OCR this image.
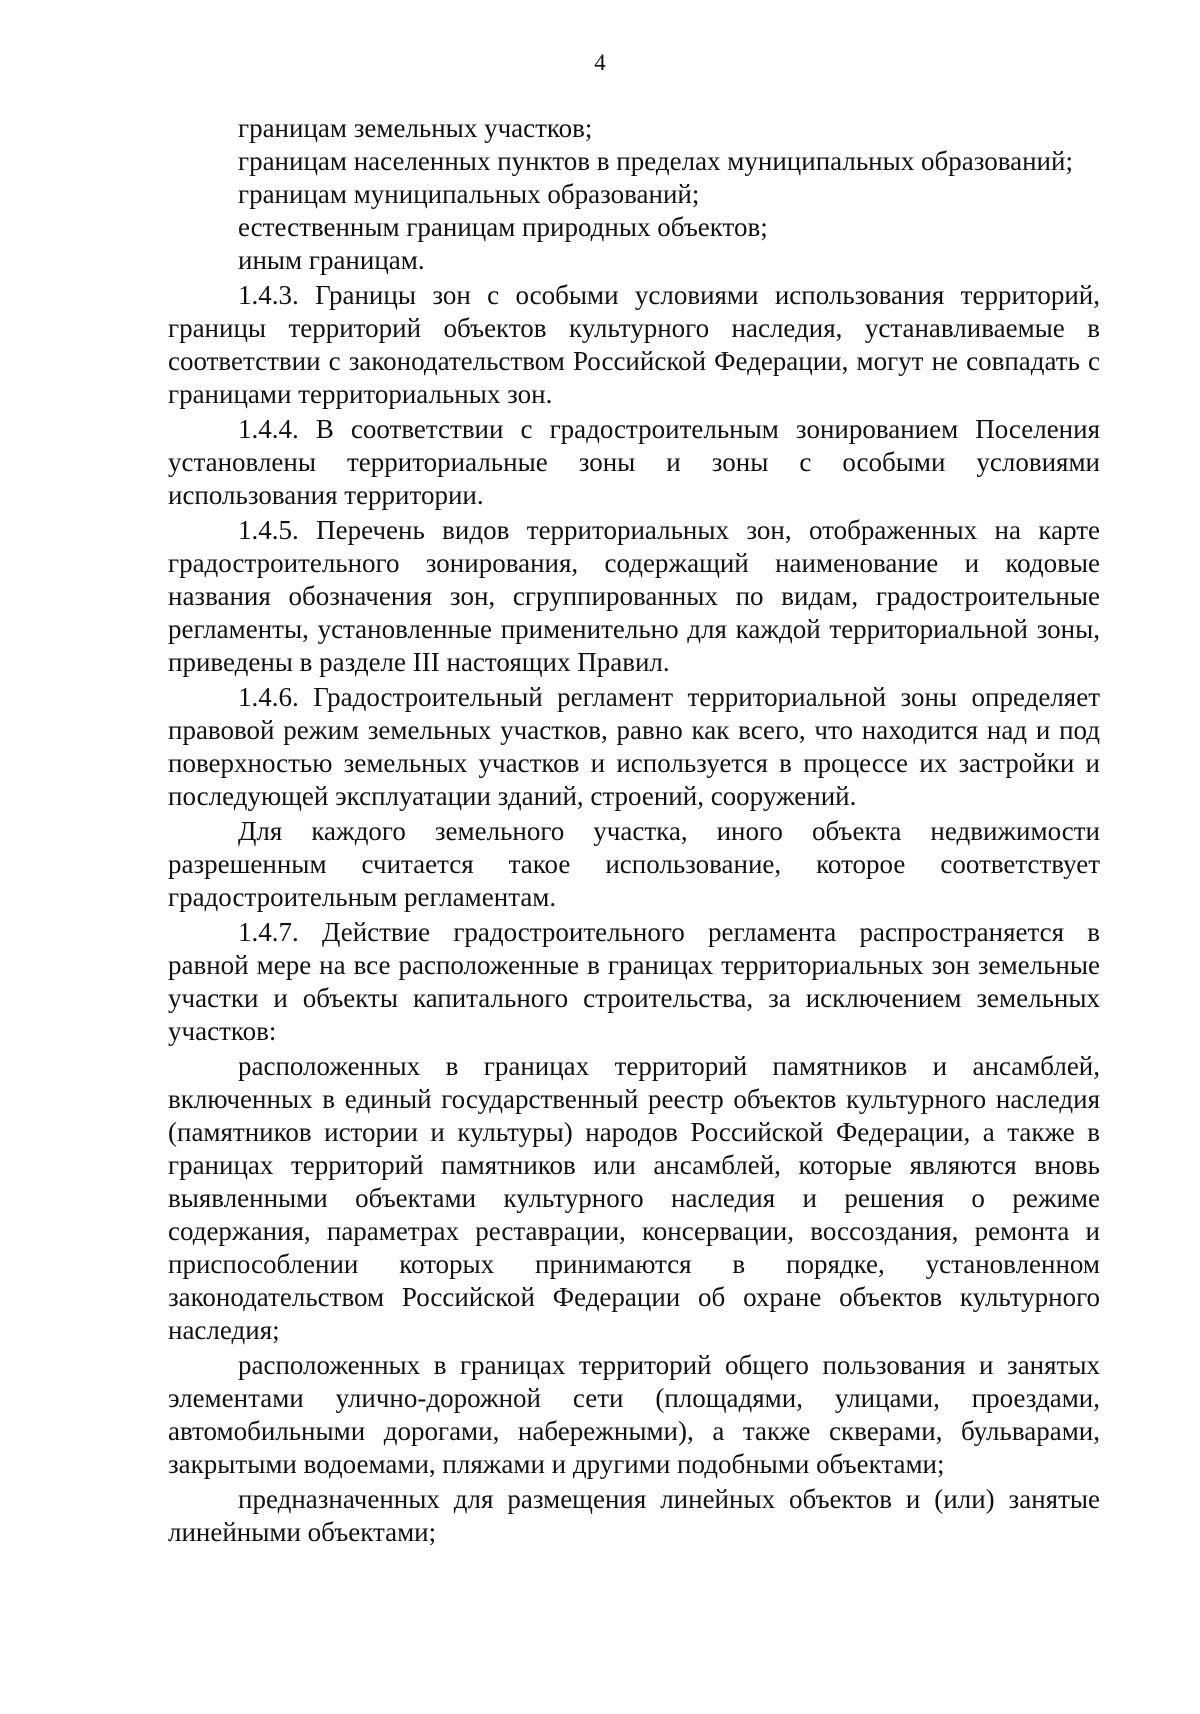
4

границам земельных участков;

границам населенных пунктов в пределах муниципальных образований;

границам муниципальных образований;

естественным границам природных объектов;

иным границам.

1.4.3. Границы зон с особыми условиями использования территорий, границы территорий объектов культурного наследия, устанавливаемые в соответствии с законодательством Российской Федерации, могут не совпадать с границами территориальных зон.

1.4.4. В соответствии с градостроительным зонированием Поселения установлены территориальные зоны и зоны с особыми условиями использования территории.

1.4.5. Перечень видов территориальных зон, отображенных на карте градостроительного зонирования, содержащий наименование и кодовые названия обозначения зон, сгруппированных по видам, градостроительные регламенты, установленные применительно для каждой территориальной зоны, приведены в разделе III настоящих Правил.

1.4.6. Градостроительный регламент территориальной зоны определяет правовой режим земельных участков, равно как всего, что находится над и под поверхностью земельных участков и используется в процессе их застройки и последующей эксплуатации зданий, строений, сооружений.

Для каждого земельного участка, иного объекта недвижимости разрешенным считается такое использование, которое соответствует градостроительным регламентам.

1.4.7. Действие градостроительного регламента распространяется в равной мере на все расположенные в границах территориальных зон земельные участки и объекты капитального строительства, за исключением земельных участков:

расположенных в границах территорий памятников и ансамблей, включенных в единый государственный реестр объектов культурного наследия (памятников истории и культуры) народов Российской Федерации, а также в границах территорий памятников или ансамблей, которые являются вновь выявленными объектами культурного наследия и решения о режиме содержания, параметрах реставрации, консервации, воссоздания, ремонта и приспособлении которых принимаются в порядке, установленном законодательством Российской Федерации об охране объектов культурного наследия;

расположенных в границах территорий общего пользования и занятых элементами улично-дорожной сети (площадями, улицами, проездами, автомобильными дорогами, набережными), а также скверами, бульварами, закрытыми водоемами, пляжами и другими подобными объектами;

предназначенных для размещения линейных объектов и (или) занятые линейными объектами;
